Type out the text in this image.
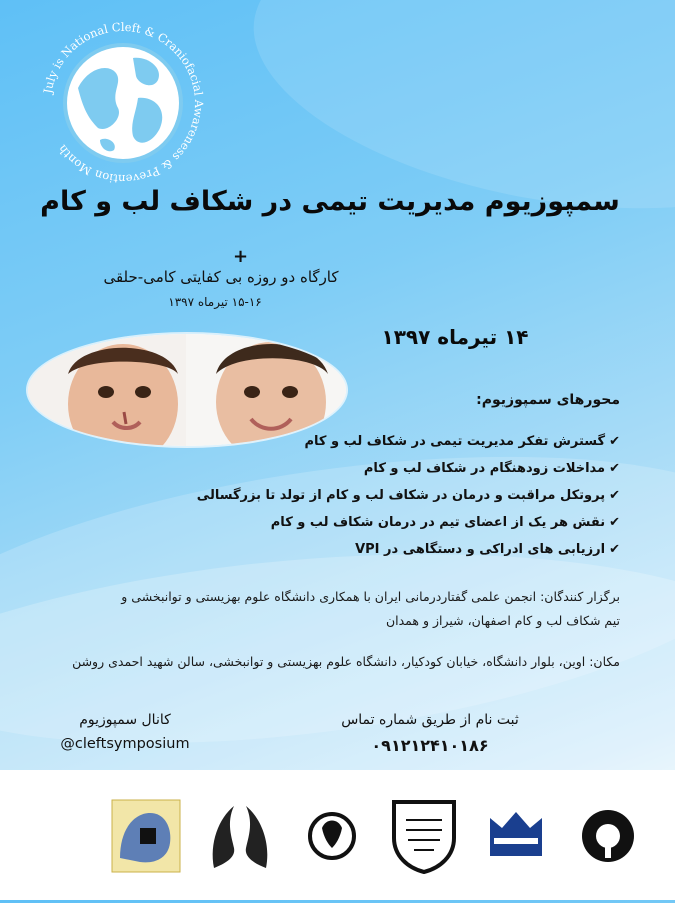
July is National Cleft & Craniofacial Awareness & Prevention Month
سمپوزیوم مدیریت تیمی در شکاف لب و کام
+
کارگاه دو روزه بی کفایتی کامی-حلقی
۱۵-۱۶ تیرماه ۱۳۹۷
۱۴ تیرماه ۱۳۹۷
محورهای سمپوزیوم:
✔گسترش تفکر مدیریت تیمی در شکاف لب و کام
✔مداخلات زودهنگام در شکاف لب و کام
✔پروتکل مراقبت و درمان در شکاف لب و کام از تولد تا بزرگسالی
✔نقش هر یک از اعضای تیم در درمان شکاف لب و کام
✔ارزیابی های ادراکی و دستگاهی در VPI
برگزار کنندگان: انجمن علمی گفتاردرمانی ایران با همکاری دانشگاه علوم بهزیستی و توانبخشی و
تیم شکاف لب و کام اصفهان، شیراز و همدان
مکان: اوین، بلوار دانشگاه، خیابان کودکیار، دانشگاه علوم بهزیستی و توانبخشی، سالن شهید احمدی روشن
ثبت نام از طریق شماره تماس
۰۹۱۲۱۲۴۱۰۱۸۶
کانال سمپوزیوم
@cleftsymposium
